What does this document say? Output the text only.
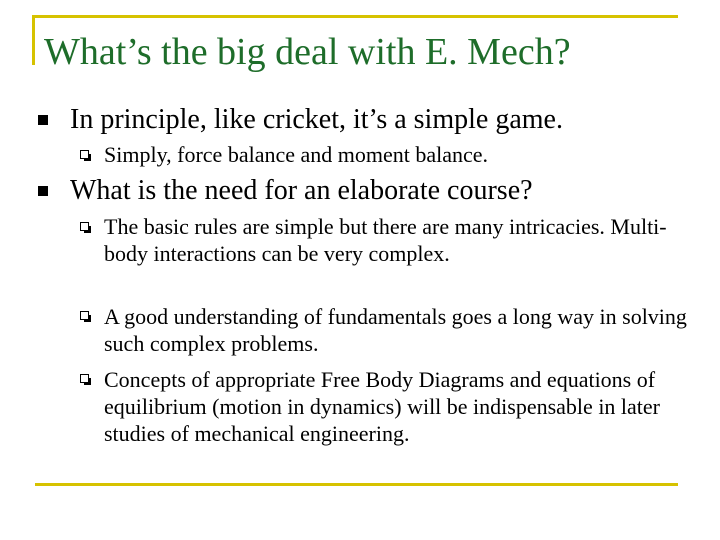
What’s the big deal with E. Mech?
In principle, like cricket, it’s a simple game.
Simply, force balance and moment balance.
What is the need for an elaborate course?
The basic rules are simple but there are many intricacies. Multi-body interactions can be very complex.
A good understanding of fundamentals goes a long way in solving such complex problems.
Concepts of appropriate Free Body Diagrams and equations of equilibrium (motion in dynamics) will be indispensable in later studies of mechanical engineering.
